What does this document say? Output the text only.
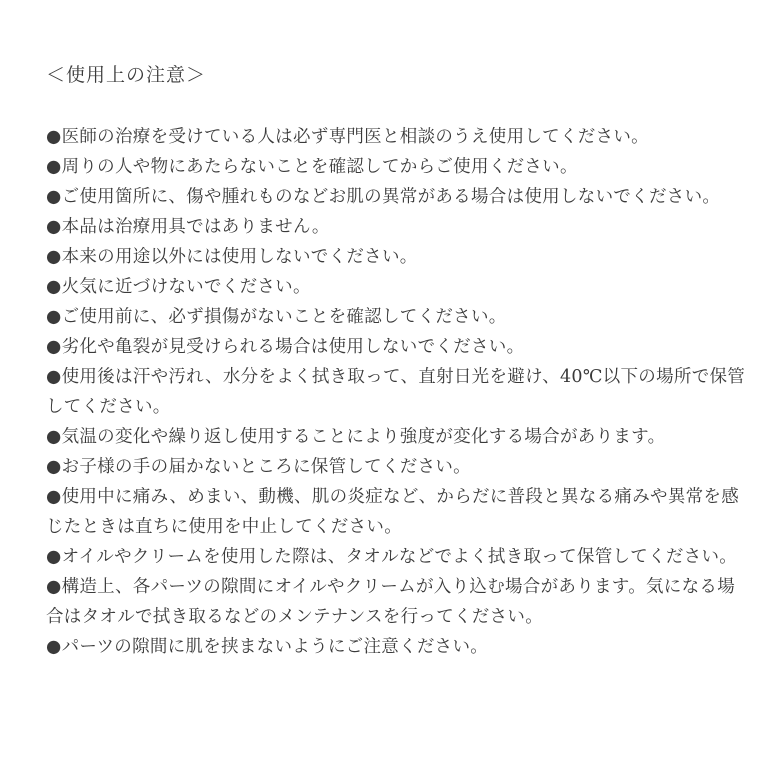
＜使用上の注意＞
●医師の治療を受けている人は必ず専門医と相談のうえ使用してください。
●周りの人や物にあたらないことを確認してからご使用ください。
●ご使用箇所に、傷や腫れものなどお肌の異常がある場合は使用しないでください。
●本品は治療用具ではありません。
●本来の用途以外には使用しないでください。
●火気に近づけないでください。
●ご使用前に、必ず損傷がないことを確認してください。
●劣化や亀裂が見受けられる場合は使用しないでください。
●使用後は汗や汚れ、水分をよく拭き取って、直射日光を避け、40℃以下の場所で保管してください。
●気温の変化や繰り返し使用することにより強度が変化する場合があります。
●お子様の手の届かないところに保管してください。
●使用中に痛み、めまい、動機、肌の炎症など、からだに普段と異なる痛みや異常を感じたときは直ちに使用を中止してください。
●オイルやクリームを使用した際は、タオルなどでよく拭き取って保管してください。
●構造上、各パーツの隙間にオイルやクリームが入り込む場合があります。気になる場合はタオルで拭き取るなどのメンテナンスを行ってください。
●パーツの隙間に肌を挟まないようにご注意ください。
